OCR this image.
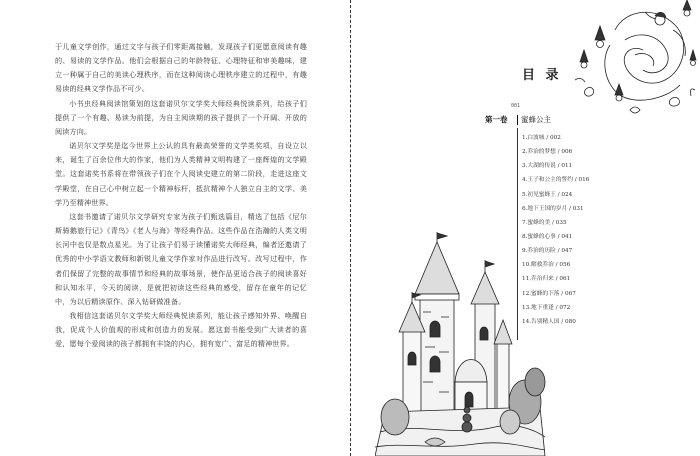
于儿童文学创作，通过文字与孩子们零距离接触，发现孩子们更愿意阅读有趣的、易读的文学作品。他们会根据自己的年龄特征、心理特征和审美趣味，建立一种属于自己的美读心理秩序，而在这种阅读心理秩序建立的过程中，有趣易读的经典文学作品不可少。

小书虫经典阅读馆策划的这套诺贝尔文学奖大师经典悦读系列，给孩子们提供了一个有趣、易读为前提，为自主阅读期的孩子提供了一个开阔、开放的阅读方向。

诺贝尔文学奖是迄今世界上公认的具有最高荣誉的文学类奖项，自设立以来，诞生了百余位伟大的作家，他们为人类精神文明构建了一座辉煌的文学殿堂。这套诺奖书系将在带领孩子们在个人阅读史建立的第二阶段，走进这座文学殿堂，在自己心中树立起一个精神标杆，抵抗精神个人独立自主的文学、美学乃至精神世界。

这套书邀请了诺贝尔文学研究专家为孩子们甄选篇目，精选了包括《尼尔斯骑鹅旅行记》《青鸟》《老人与海》等经典作品。这些作品在浩瀚的人类文明长河中也仅是数点星光。为了让孩子们易于读懂诺奖大师经典，编者还邀请了优秀的中小学语文教师和新锐儿童文学作家对作品进行改写。改写过程中，作者们保留了完整的故事情节和经典的故事场景，使作品更适合孩子的阅读喜好和认知水平，今天的阅读，是就把初读这些经典的感受，留存在童年的记忆中，为以后精读原作、深入钻研做准备。

我相信这套诺贝尔文学奖大师经典悦读系列，能让孩子感知外界、唤醒自我，促成个人价值观的形成和创造力的发展。愿这套书能受到广大读者的喜爱，愿每个爱阅读的孩子都拥有丰饶的内心，拥有宽广、富足的精神世界。

目 录
001
第一卷 蜜蜂公主
1.白波城 / 002
2.乔治的梦想 / 006
3.大湖的传说 / 011
4.王子和公主的誓约 / 016
5.初见蜜蜂王 / 024
6.地下王国的岁月 / 031
7.蜜蜂的美 / 035
8.蜜蜂的心事 / 041
9.乔治的历险 / 047
10.解救乔治 / 056
11.乔治归来 / 061
12.蜜蜂的下落 / 067
13.地下重逢 / 072
14.告别精人国 / 080
